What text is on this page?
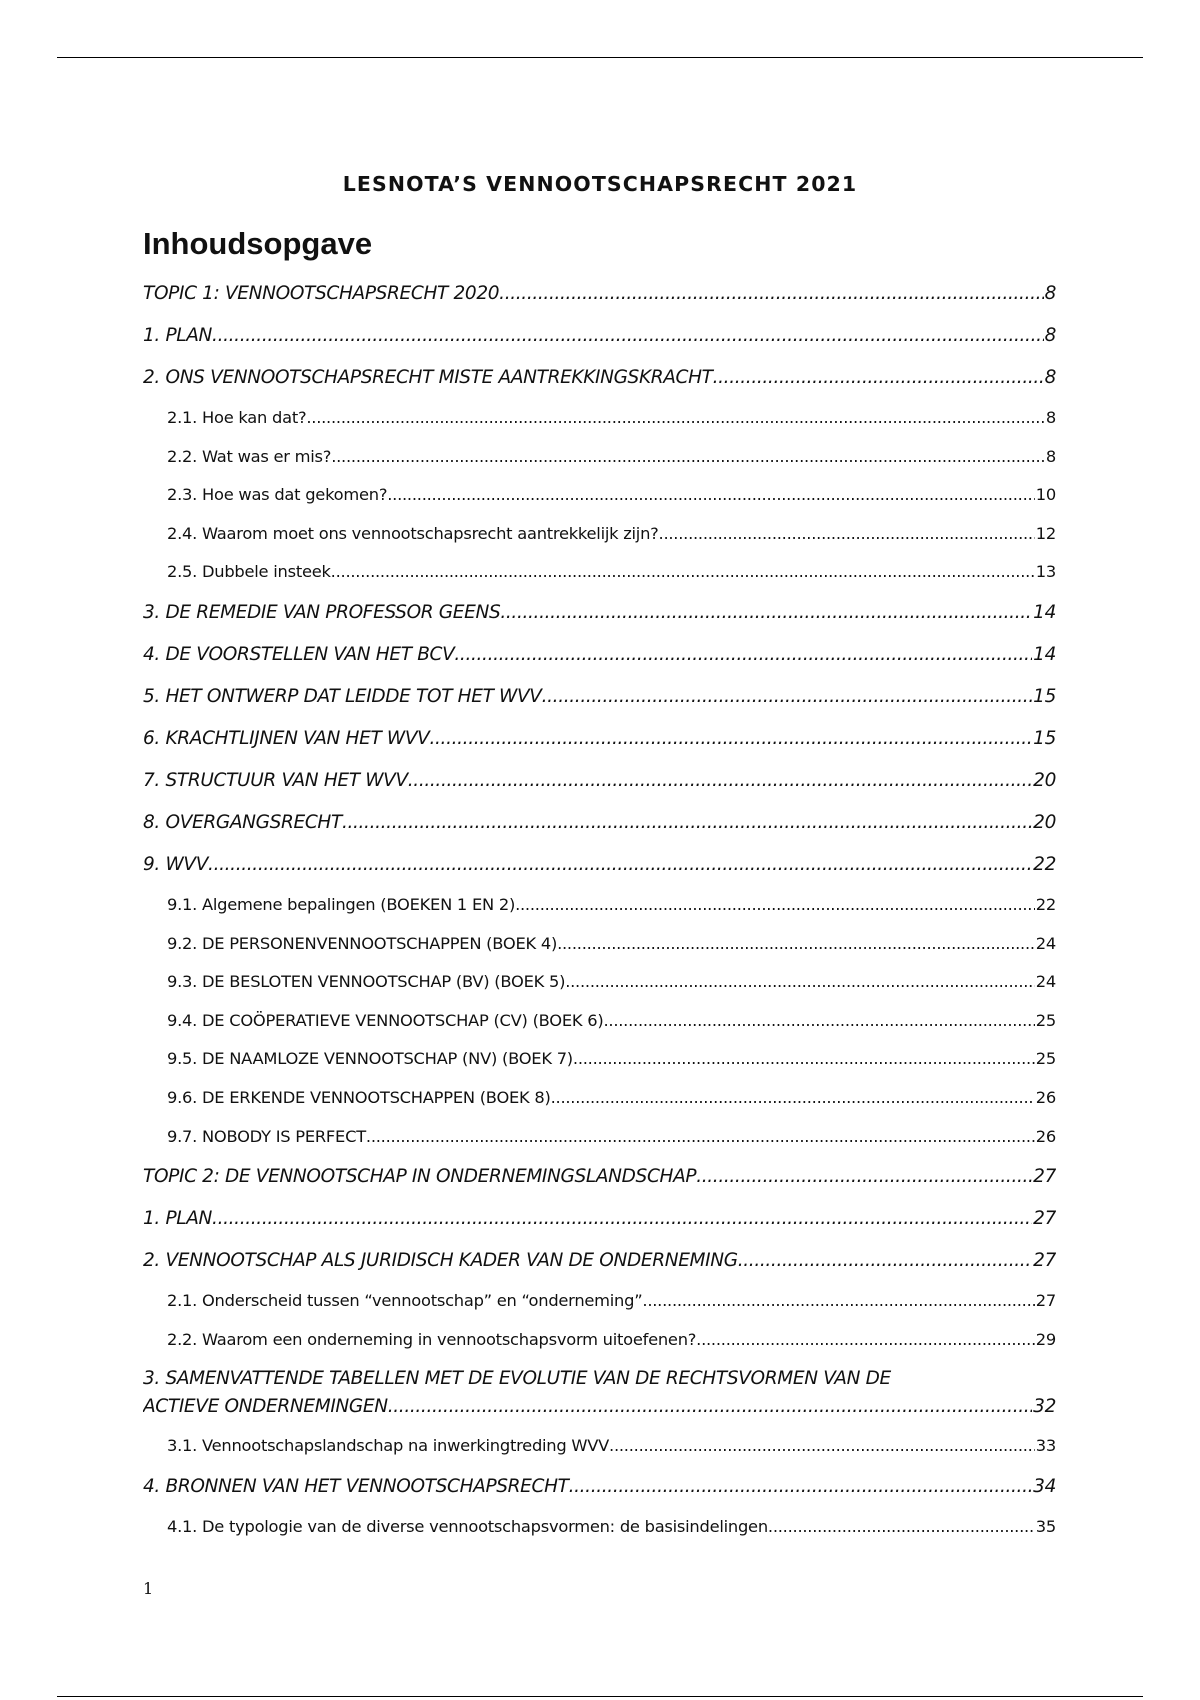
LESNOTA’S VENNOOTSCHAPSRECHT 2021
Inhoudsopgave
TOPIC 1: VENNOOTSCHAPSRECHT 2020 .....	8
1. PLAN .....	8
2. ONS VENNOOTSCHAPSRECHT MISTE AANTREKKINGSKRACHT .....	8
2.1. Hoe kan dat? .....	8
2.2. Wat was er mis? .....	8
2.3. Hoe was dat gekomen? .....	10
2.4. Waarom moet ons vennootschapsrecht aantrekkelijk zijn? .....	12
2.5. Dubbele insteek .....	13
3. DE REMEDIE VAN PROFESSOR GEENS .....	14
4. DE VOORSTELLEN VAN HET BCV .....	14
5. HET ONTWERP DAT LEIDDE TOT HET WVV .....	15
6. KRACHTLIJNEN VAN HET WVV .....	15
7. STRUCTUUR VAN HET WVV .....	20
8. OVERGANGSRECHT .....	20
9. WVV .....	22
9.1. Algemene bepalingen (BOEKEN 1 EN 2) .....	22
9.2. DE PERSONENVENNOOTSCHAPPEN (BOEK 4) .....	24
9.3. DE BESLOTEN VENNOOTSCHAP (BV) (BOEK 5) .....	24
9.4. DE COÖPERATIEVE VENNOOTSCHAP (CV) (BOEK 6) .....	25
9.5. DE NAAMLOZE VENNOOTSCHAP (NV) (BOEK 7) .....	25
9.6. DE ERKENDE VENNOOTSCHAPPEN (BOEK 8) .....	26
9.7. NOBODY IS PERFECT .....	26
TOPIC 2: DE VENNOOTSCHAP IN ONDERNEMINGSLANDSCHAP .....	27
1. PLAN .....	27
2. VENNOOTSCHAP ALS JURIDISCH KADER VAN DE ONDERNEMING .....	27
2.1. Onderscheid tussen “vennootschap” en “onderneming” .....	27
2.2. Waarom een onderneming in vennootschapsvorm uitoefenen? .....	29
3. SAMENVATTENDE TABELLEN MET DE EVOLUTIE VAN DE RECHTSVORMEN VAN DE
ACTIEVE ONDERNEMINGEN .....	32
3.1. Vennootschapslandschap na inwerkingtreding WVV .....	33
4. BRONNEN VAN HET VENNOOTSCHAPSRECHT .....	34
4.1. De typologie van de diverse vennootschapsvormen: de basisindelingen .....	35
1
